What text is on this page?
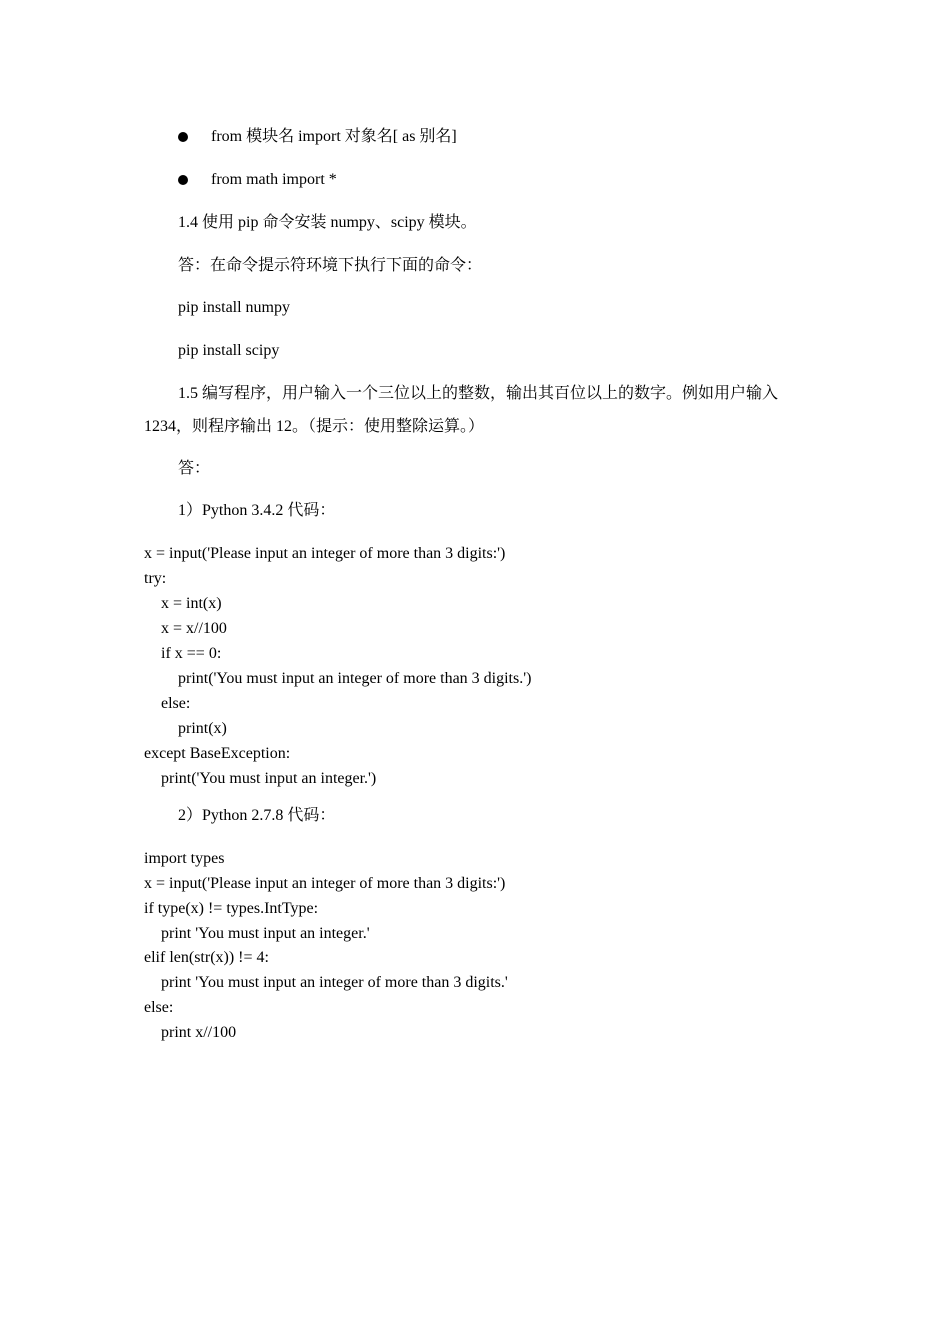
from 模块名 import 对象名[ as 别名]
from math import *
1.4 使用 pip 命令安装 numpy、scipy 模块。
答：在命令提示符环境下执行下面的命令：
pip install numpy
pip install scipy
1.5 编写程序，用户输入一个三位以上的整数，输出其百位以上的数字。例如用户输入 1234，则程序输出 12。（提示：使用整除运算。）
答：
1）Python 3.4.2 代码：
x = input('Please input an integer of more than 3 digits:')
try:
x = int(x)
x = x//100
if x == 0:
print('You must input an integer of more than 3 digits.')
else:
print(x)
except BaseException:
print('You must input an integer.')
2）Python 2.7.8 代码：
import types
x = input('Please input an integer of more than 3 digits:')
if type(x) != types.IntType:
print 'You must input an integer.'
elif len(str(x)) != 4:
print 'You must input an integer of more than 3 digits.'
else:
print x//100
